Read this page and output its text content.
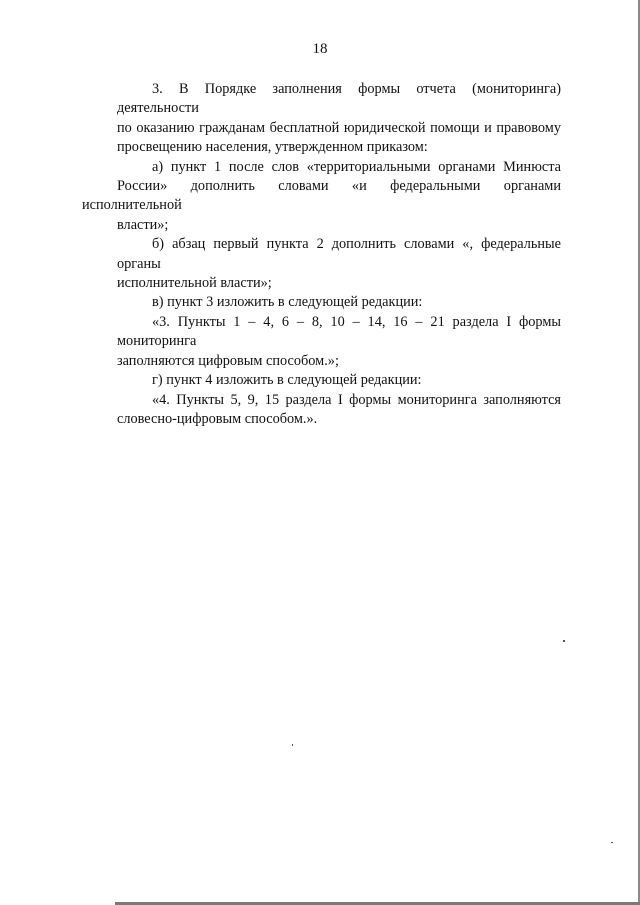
18

3. В Порядке заполнения формы отчета (мониторинга) деятельности
по оказанию гражданам бесплатной юридической помощи и правовому
просвещению населения, утвержденном приказом:

а) пункт 1 после слов «территориальными органами Минюста
России» дополнить словами «и федеральными органами исполнительной
власти»;

б) абзац первый пункта 2 дополнить словами «, федеральные органы
исполнительной власти»;

в) пункт 3 изложить в следующей редакции:

«3. Пункты 1 – 4, 6 – 8, 10 – 14, 16 – 21 раздела I формы мониторинга
заполняются цифровым способом.»;

г) пункт 4 изложить в следующей редакции:

«4. Пункты 5, 9, 15 раздела I формы мониторинга заполняются
словесно-цифровым способом.».
